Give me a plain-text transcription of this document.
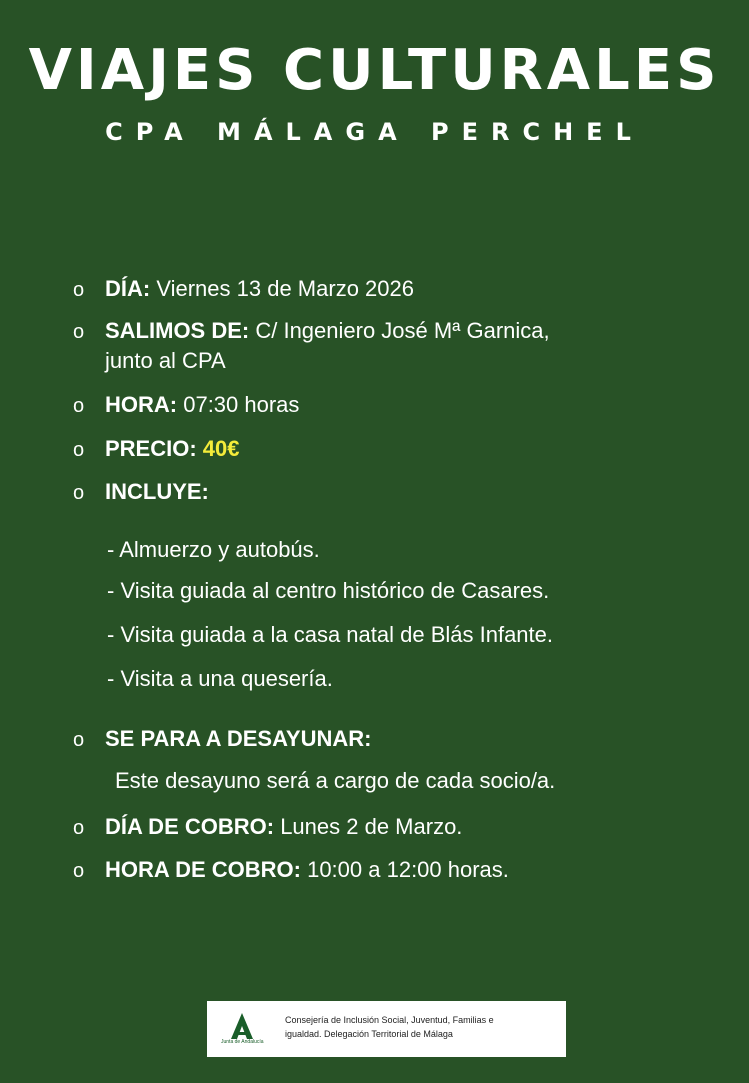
VIAJES CULTURALES
CPA MÁLAGA PERCHEL
o DÍA: Viernes 13 de Marzo 2026
o SALIMOS DE: C/ Ingeniero José Mª Garnica,
junto al CPA
o HORA: 07:30 horas
o PRECIO: 40€
o INCLUYE:
- Almuerzo y autobús.
- Visita guiada al centro histórico de Casares.
- Visita guiada a la casa natal de Blás Infante.
- Visita a una quesería.
o SE PARA A DESAYUNAR:
Este desayuno será a cargo de cada socio/a.
o DÍA DE COBRO: Lunes 2 de Marzo.
o HORA DE COBRO: 10:00 a 12:00 horas.
Junta de Andalucía
Consejería de Inclusión Social, Juventud, Familias e
igualdad. Delegación Territorial de Málaga
